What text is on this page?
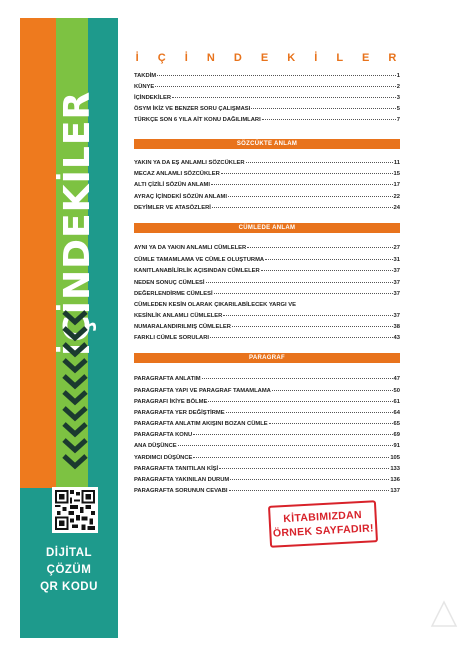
İÇİNDEKİLER
DİJİTAL
ÇÖZÜM
QR KODU
İ Ç İ N D E K İ L E R
TAKDİM	1
KÜNYE	2
İÇİNDEKİLER	3
ÖSYM İKİZ VE BENZER SORU ÇALIŞMASI	5
TÜRKÇE SON 6 YILA AİT KONU DAĞILIMLARI	7
SÖZCÜKTE ANLAM
YAKIN YA DA EŞ ANLAMLI SÖZCÜKLER	11
MECAZ ANLAMLI SÖZCÜKLER	15
ALTI ÇİZİLİ SÖZÜN ANLAMI	17
AYRAÇ İÇİNDEKİ SÖZÜN ANLAMI	22
DEYİMLER VE ATASÖZLERİ	24
CÜMLEDE ANLAM
AYNI YA DA YAKIN ANLAMLI CÜMLELER	27
CÜMLE TAMAMLAMA VE CÜMLE OLUŞTURMA	31
KANITLANABİLİRLİK AÇISINDAN CÜMLELER	37
NEDEN SONUÇ CÜMLESİ	37
DEĞERLENDİRME CÜMLESİ	37
CÜMLEDEN KESİN OLARAK ÇIKARILABİLECEK YARGI VE
KESİNLİK ANLAMLI CÜMLELER	37
NUMARALANDIRILMIŞ CÜMLELER	38
FARKLI CÜMLE SORULARI	43
PARAGRAF
PARAGRAFTA ANLATIM	47
PARAGRAFTA YAPI VE PARAGRAF TAMAMLAMA	50
PARAGRAFI İKİYE BÖLME	61
PARAGRAFTA YER DEĞİŞTİRME	64
PARAGRAFTA ANLATIM AKIŞINI BOZAN CÜMLE	65
PARAGRAFTA KONU	69
ANA DÜŞÜNCE	91
YARDIMCI DÜŞÜNCE	105
PARAGRAFTA TANITILAN KİŞİ	133
PARAGRAFTA YAKINILAN DURUM	136
PARAGRAFTA SORUNUN CEVABI	137
KİTABIMIZDAN
ÖRNEK SAYFADIR!
